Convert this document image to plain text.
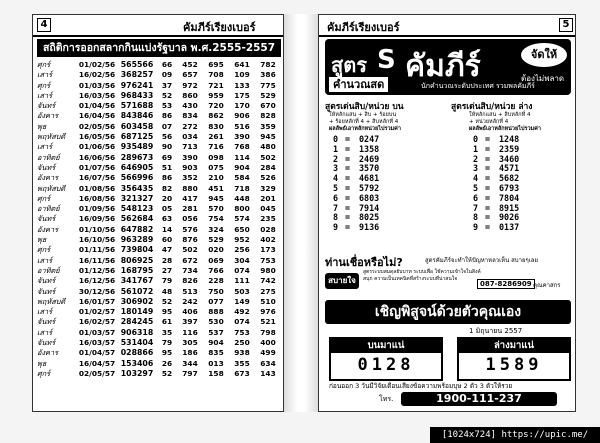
4	คัมภีร์เรียงเบอร์
สถิติการออกสลากกินแบ่งรัฐบาล พ.ศ.2555-2557
ศุกร์	01/02/56	565566	66	452	695	641	782
เสาร์	16/02/56	368257	09	657	708	109	386
ศุกร์	01/03/56	976241	37	972	721	133	775
เสาร์	16/03/56	968433	52	860	959	175	529
จันทร์	01/04/56	571688	53	430	720	170	670
อังคาร	16/04/56	843846	86	834	862	906	828
พุธ	02/05/56	603458	07	272	830	516	359
พฤหัสบดี	16/05/56	687125	56	034	261	390	945
เสาร์	01/06/56	935489	90	713	716	768	480
อาทิตย์	16/06/56	289673	69	390	098	114	502
จันทร์	01/07/56	646905	51	903	075	904	284
อังคาร	16/07/56	566996	86	352	210	584	526
พฤหัสบดี	01/08/56	356435	82	880	451	718	329
ศุกร์	16/08/56	321327	20	417	945	448	201
อาทิตย์	01/09/56	548123	05	281	570	800	045
จันทร์	16/09/56	562684	63	056	754	574	235
อังคาร	01/10/56	647882	14	576	324	650	028
พุธ	16/10/56	963289	60	876	529	952	402
ศุกร์	01/11/56	739804	47	502	020	256	173
เสาร์	16/11/56	806925	28	672	069	304	753
อาทิตย์	01/12/56	168795	27	734	766	074	980
จันทร์	16/12/56	341767	79	826	228	111	742
จันทร์	30/12/56	561072	48	513	750	503	275
พฤหัสบดี	16/01/57	306902	52	242	077	149	510
เสาร์	01/02/57	180149	95	406	888	492	976
จันทร์	16/02/57	284245	61	397	530	074	521
เสาร์	01/03/57	906318	35	116	537	753	798
จันทร์	16/03/57	531404	79	305	904	250	400
อังคาร	01/04/57	028866	95	186	835	938	499
พุธ	16/04/57	153406	26	344	013	355	634
ศุกร์	02/05/57	103297	52	797	158	673	143
คัมภีร์เรียงเบอร์	5
สูตร S คัมภีร์	จัดให้
คำนวณสด	นักคำนวณระดับประเทศ รวมพลคัมภีร์
ต้องไม่พลาด
สูตรเด่นสิบ/หน่วย บน
ให้หลักแสน + สิบ + ร้อยบน
+ ร้อยหลักที่ 4 + สิบหลักที่ 4
ผลลัพธ์เอาหลักหน่วยไปรวมค่า
0 = 0247
1 = 1358
2 = 2469
3 = 3570
4 = 4681
5 = 5792
6 = 6803
7 = 7914
8 = 8025
9 = 9136
สูตรเด่นสิบ/หน่วย ล่าง
ให้หลักแสน + สิบหลักที่ 4
+ หน่วยหลักที่ 4
ผลลัพธ์เอาหลักหน่วยไปรวมค่า
0 = 1248
1 = 2359
2 = 3460
3 = 4571
4 = 5682
5 = 6793
6 = 7804
7 = 8915
8 = 9026
9 = 0137
ท่านเชื่อหรือไม่?	สูตรคัมภีร์จะทำให้ปัญหาหลวเห็น สบายๆเลย
สบายใจ
สูตรระบบสมดุลยับบาท ระบบเพื่อ ใช้ความเข้าใจในสิงค์สนุก ความเป็นเทคนิคที่สร้างระบบที่น่าสนใจ
087-8286909 คุณคาสกร
เชิญพิสูจน์ด้วยตัวคุณเอง
1 มิถุนายน 2557
บนมาแน่
0128
ล่างมาแน่
1589
ก่อนออก 3 วันมีวิจัยเตือนเสียงข้อความพร้อมบุษ 2 ตัว 3 ตัวให้รวย
โทร.	1900-111-237
[1024x724] https://upic.me/
